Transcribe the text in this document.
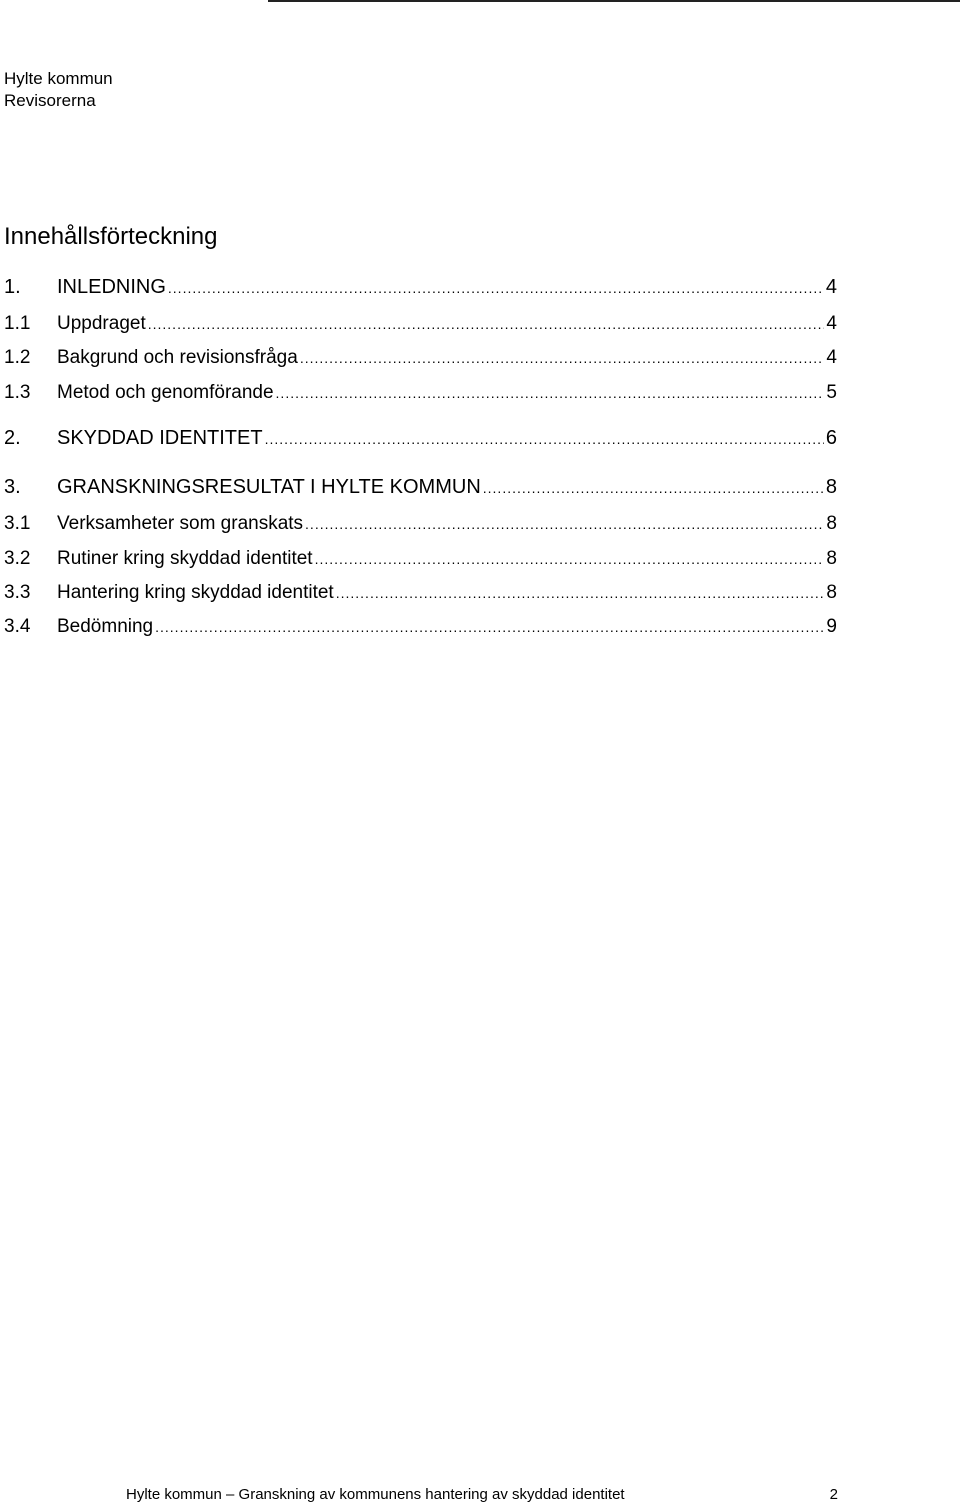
Hylte kommun
Revisorerna
Innehållsförteckning
1.	INLEDNING .....	4
1.1	Uppdraget .....	4
1.2	Bakgrund och revisionsfråga .....	4
1.3	Metod och genomförande .....	5
2.	SKYDDAD IDENTITET .....	6
3.	GRANSKNINGSRESULTAT I HYLTE KOMMUN .....	8
3.1	Verksamheter som granskats .....	8
3.2	Rutiner kring skyddad identitet .....	8
3.3	Hantering kring skyddad identitet .....	8
3.4	Bedömning .....	9
Hylte kommun – Granskning av kommunens hantering av skyddad identitet	2
